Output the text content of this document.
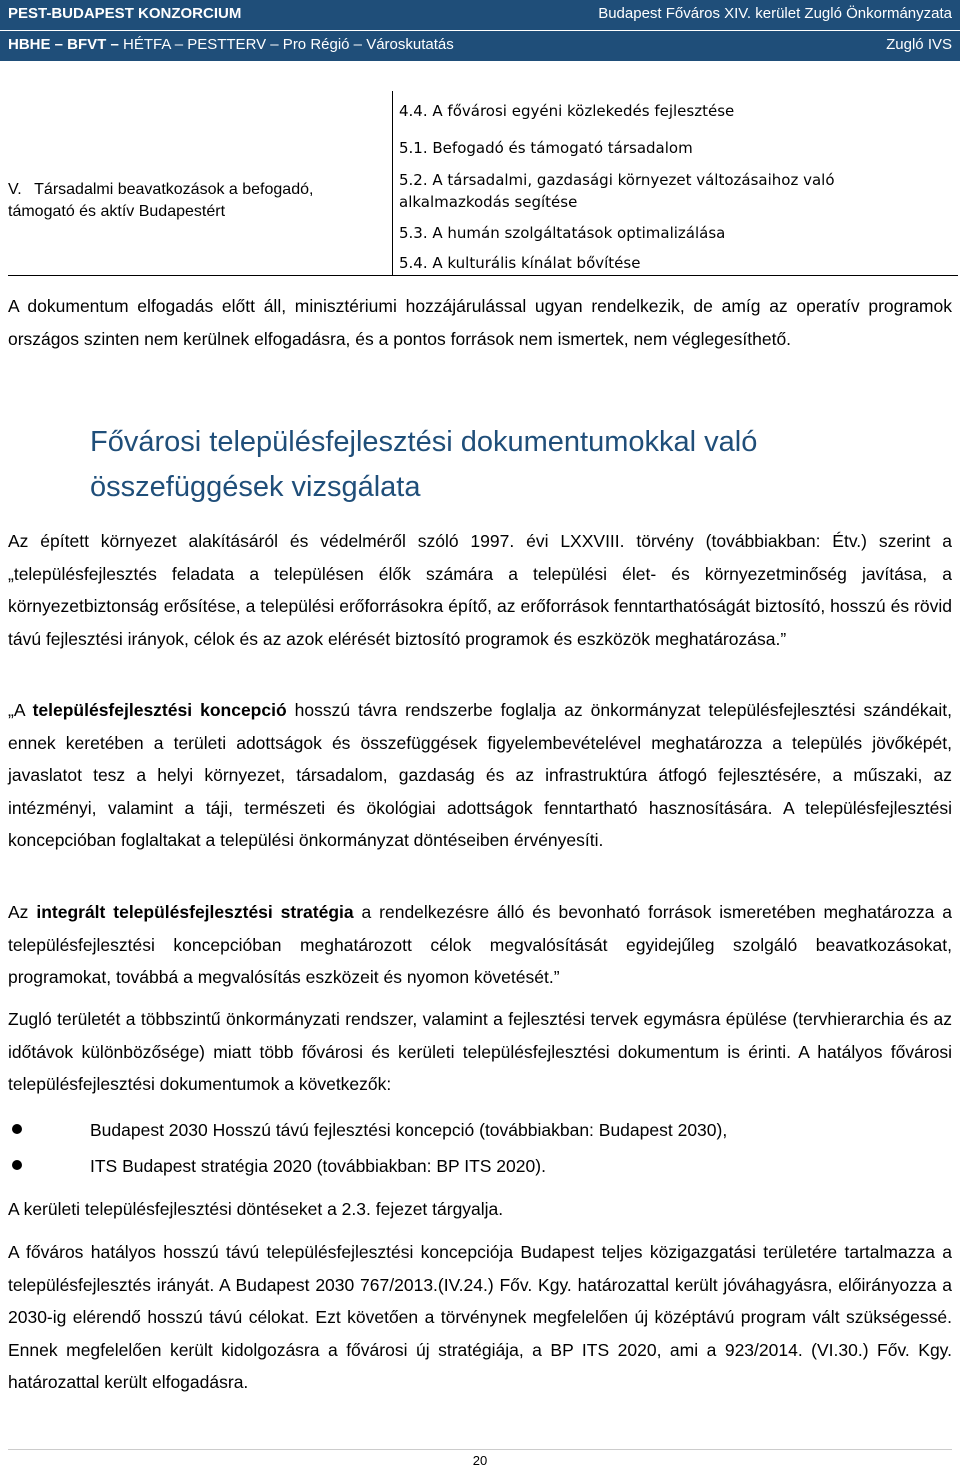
PEST-BUDAPEST KONZORCIUM	Budapest Főváros XIV. kerület Zugló Önkormányzata
HBHE – BFVT – HÉTFA – PESTTERV – Pro Régió – Városkutatás	Zugló IVS
V. Társadalmi beavatkozások a befogadó, támogató és aktív Budapestért
4.4. A fővárosi egyéni közlekedés fejlesztése
5.1. Befogadó és támogató társadalom
5.2. A társadalmi, gazdasági környezet változásaihoz való alkalmazkodás segítése
5.3. A humán szolgáltatások optimalizálása
5.4. A kulturális kínálat bővítése

A dokumentum elfogadás előtt áll, minisztériumi hozzájárulással ugyan rendelkezik, de amíg az operatív programok országos szinten nem kerülnek elfogadásra, és a pontos források nem ismertek, nem véglegesíthető.

Fővárosi településfejlesztési dokumentumokkal való összefüggések vizsgálata

Az épített környezet alakításáról és védelméről szóló 1997. évi LXXVIII. törvény (továbbiakban: Étv.) szerint a „településfejlesztés feladata a településen élők számára a települési élet- és környezetminőség javítása, a környezetbiztonság erősítése, a települési erőforrásokra építő, az erőforrások fenntarthatóságát biztosító, hosszú és rövid távú fejlesztési irányok, célok és az azok elérését biztosító programok és eszközök meghatározása.”

„A településfejlesztési koncepció hosszú távra rendszerbe foglalja az önkormányzat településfejlesztési szándékait, ennek keretében a területi adottságok és összefüggések figyelembevételével meghatározza a település jövőképét, javaslatot tesz a helyi környezet, társadalom, gazdaság és az infrastruktúra átfogó fejlesztésére, a műszaki, az intézményi, valamint a táji, természeti és ökológiai adottságok fenntartható hasznosítására. A településfejlesztési koncepcióban foglaltakat a települési önkormányzat döntéseiben érvényesíti.

Az integrált településfejlesztési stratégia a rendelkezésre álló és bevonható források ismeretében meghatározza a településfejlesztési koncepcióban meghatározott célok megvalósítását egyidejűleg szolgáló beavatkozásokat, programokat, továbbá a megvalósítás eszközeit és nyomon követését.”

Zugló területét a többszintű önkormányzati rendszer, valamint a fejlesztési tervek egymásra épülése (tervhierarchia és az időtávok különbözősége) miatt több fővárosi és kerületi településfejlesztési dokumentum is érinti. A hatályos fővárosi településfejlesztési dokumentumok a következők:

Budapest 2030 Hosszú távú fejlesztési koncepció (továbbiakban: Budapest 2030),
ITS Budapest stratégia 2020 (továbbiakban: BP ITS 2020).

A kerületi településfejlesztési döntéseket a 2.3. fejezet tárgyalja.

A főváros hatályos hosszú távú településfejlesztési koncepciója Budapest teljes közigazgatási területére tartalmazza a településfejlesztés irányát. A Budapest 2030 767/2013.(IV.24.) Főv. Kgy. határozattal került jóváhagyásra, előirányozza a 2030-ig elérendő hosszú távú célokat. Ezt követően a törvénynek megfelelően új középtávú program vált szükségessé. Ennek megfelelően került kidolgozásra a fővárosi új stratégiája, a BP ITS 2020, ami a 923/2014. (VI.30.) Főv. Kgy. határozattal került elfogadásra.

20
